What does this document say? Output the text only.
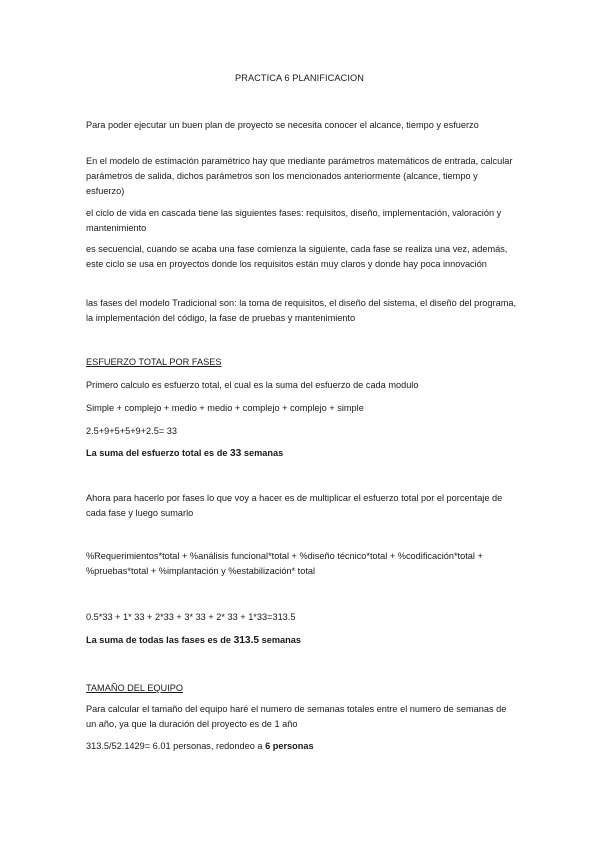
PRACTICA 6 PLANIFICACION
Para poder ejecutar un buen plan de proyecto se necesita conocer el alcance, tiempo y esfuerzo
En el modelo de estimación paramétrico hay que mediante parámetros matemáticos de entrada, calcular parámetros de salida, dichos parámetros son los mencionados anteriormente (alcance, tiempo y esfuerzo)
el ciclo de vida en cascada tiene las siguientes fases: requisitos, diseño, implementación, valoración y mantenimiento
es secuencial, cuando se acaba una fase comienza la siguiente, cada fase se realiza una vez, además, este ciclo se usa en proyectos donde los requisitos están muy claros y donde hay poca innovación
las fases del modelo Tradicional son: la toma de requisitos, el diseño del sistema, el diseño del programa, la implementación del código, la fase de pruebas y mantenimiento
ESFUERZO TOTAL POR FASES
Primero calculo es esfuerzo total, el cual es la suma del esfuerzo de cada modulo
Simple + complejo + medio + medio + complejo + complejo + simple
2.5+9+5+5+9+2.5= 33
La suma del esfuerzo total es de 33 semanas
Ahora para hacerlo por fases lo que voy a hacer es de multiplicar el esfuerzo total por el porcentaje de cada fase y luego sumarlo
%Requerimientos*total + %análisis funcional*total + %diseño técnico*total + %codificación*total + %pruebas*total + %implantación y %estabilización* total
0.5*33 + 1* 33 + 2*33 + 3* 33 + 2* 33 + 1*33=313.5
La suma de todas las fases es de 313.5 semanas
TAMAÑO DEL EQUIPO
Para calcular el tamaño del equipo haré el numero de semanas totales entre el numero de semanas de un año, ya que la duración del proyecto es de 1 año
313.5/52.1429= 6.01 personas, redondeo a 6 personas
